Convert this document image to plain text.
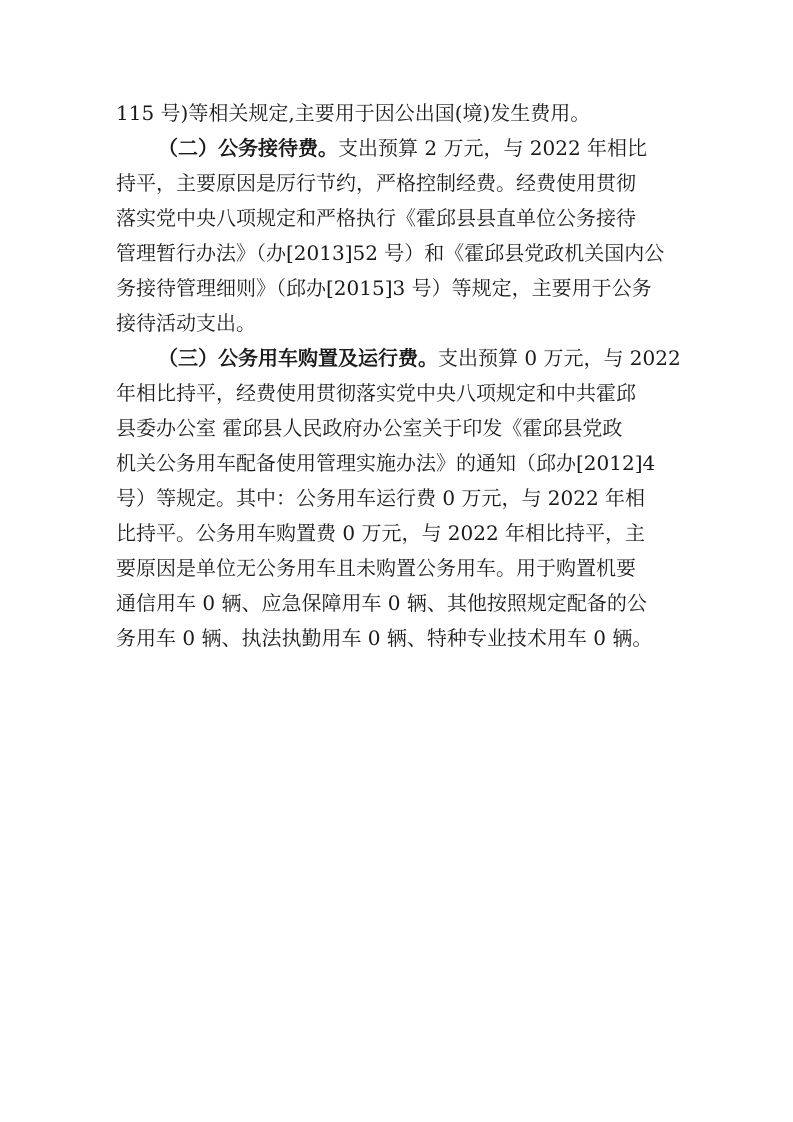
115 号)等相关规定,主要用于因公出国(境)发生费用。
（二）公务接待费。支出预算 2 万元，与 2022 年相比
持平，主要原因是厉行节约，严格控制经费。经费使用贯彻
落实党中央八项规定和严格执行《霍邱县县直单位公务接待
管理暂行办法》（办[2013]52 号）和《霍邱县党政机关国内公
务接待管理细则》（邱办[2015]3 号）等规定，主要用于公务
接待活动支出。
（三）公务用车购置及运行费。支出预算 0 万元，与 2022
年相比持平，经费使用贯彻落实党中央八项规定和中共霍邱
县委办公室 霍邱县人民政府办公室关于印发《霍邱县党政
机关公务用车配备使用管理实施办法》的通知（邱办[2012]4
号）等规定。其中：公务用车运行费 0 万元，与 2022 年相
比持平。公务用车购置费 0 万元，与 2022 年相比持平，主
要原因是单位无公务用车且未购置公务用车。用于购置机要
通信用车 0 辆、应急保障用车 0 辆、其他按照规定配备的公
务用车 0 辆、执法执勤用车 0 辆、特种专业技术用车 0 辆。
